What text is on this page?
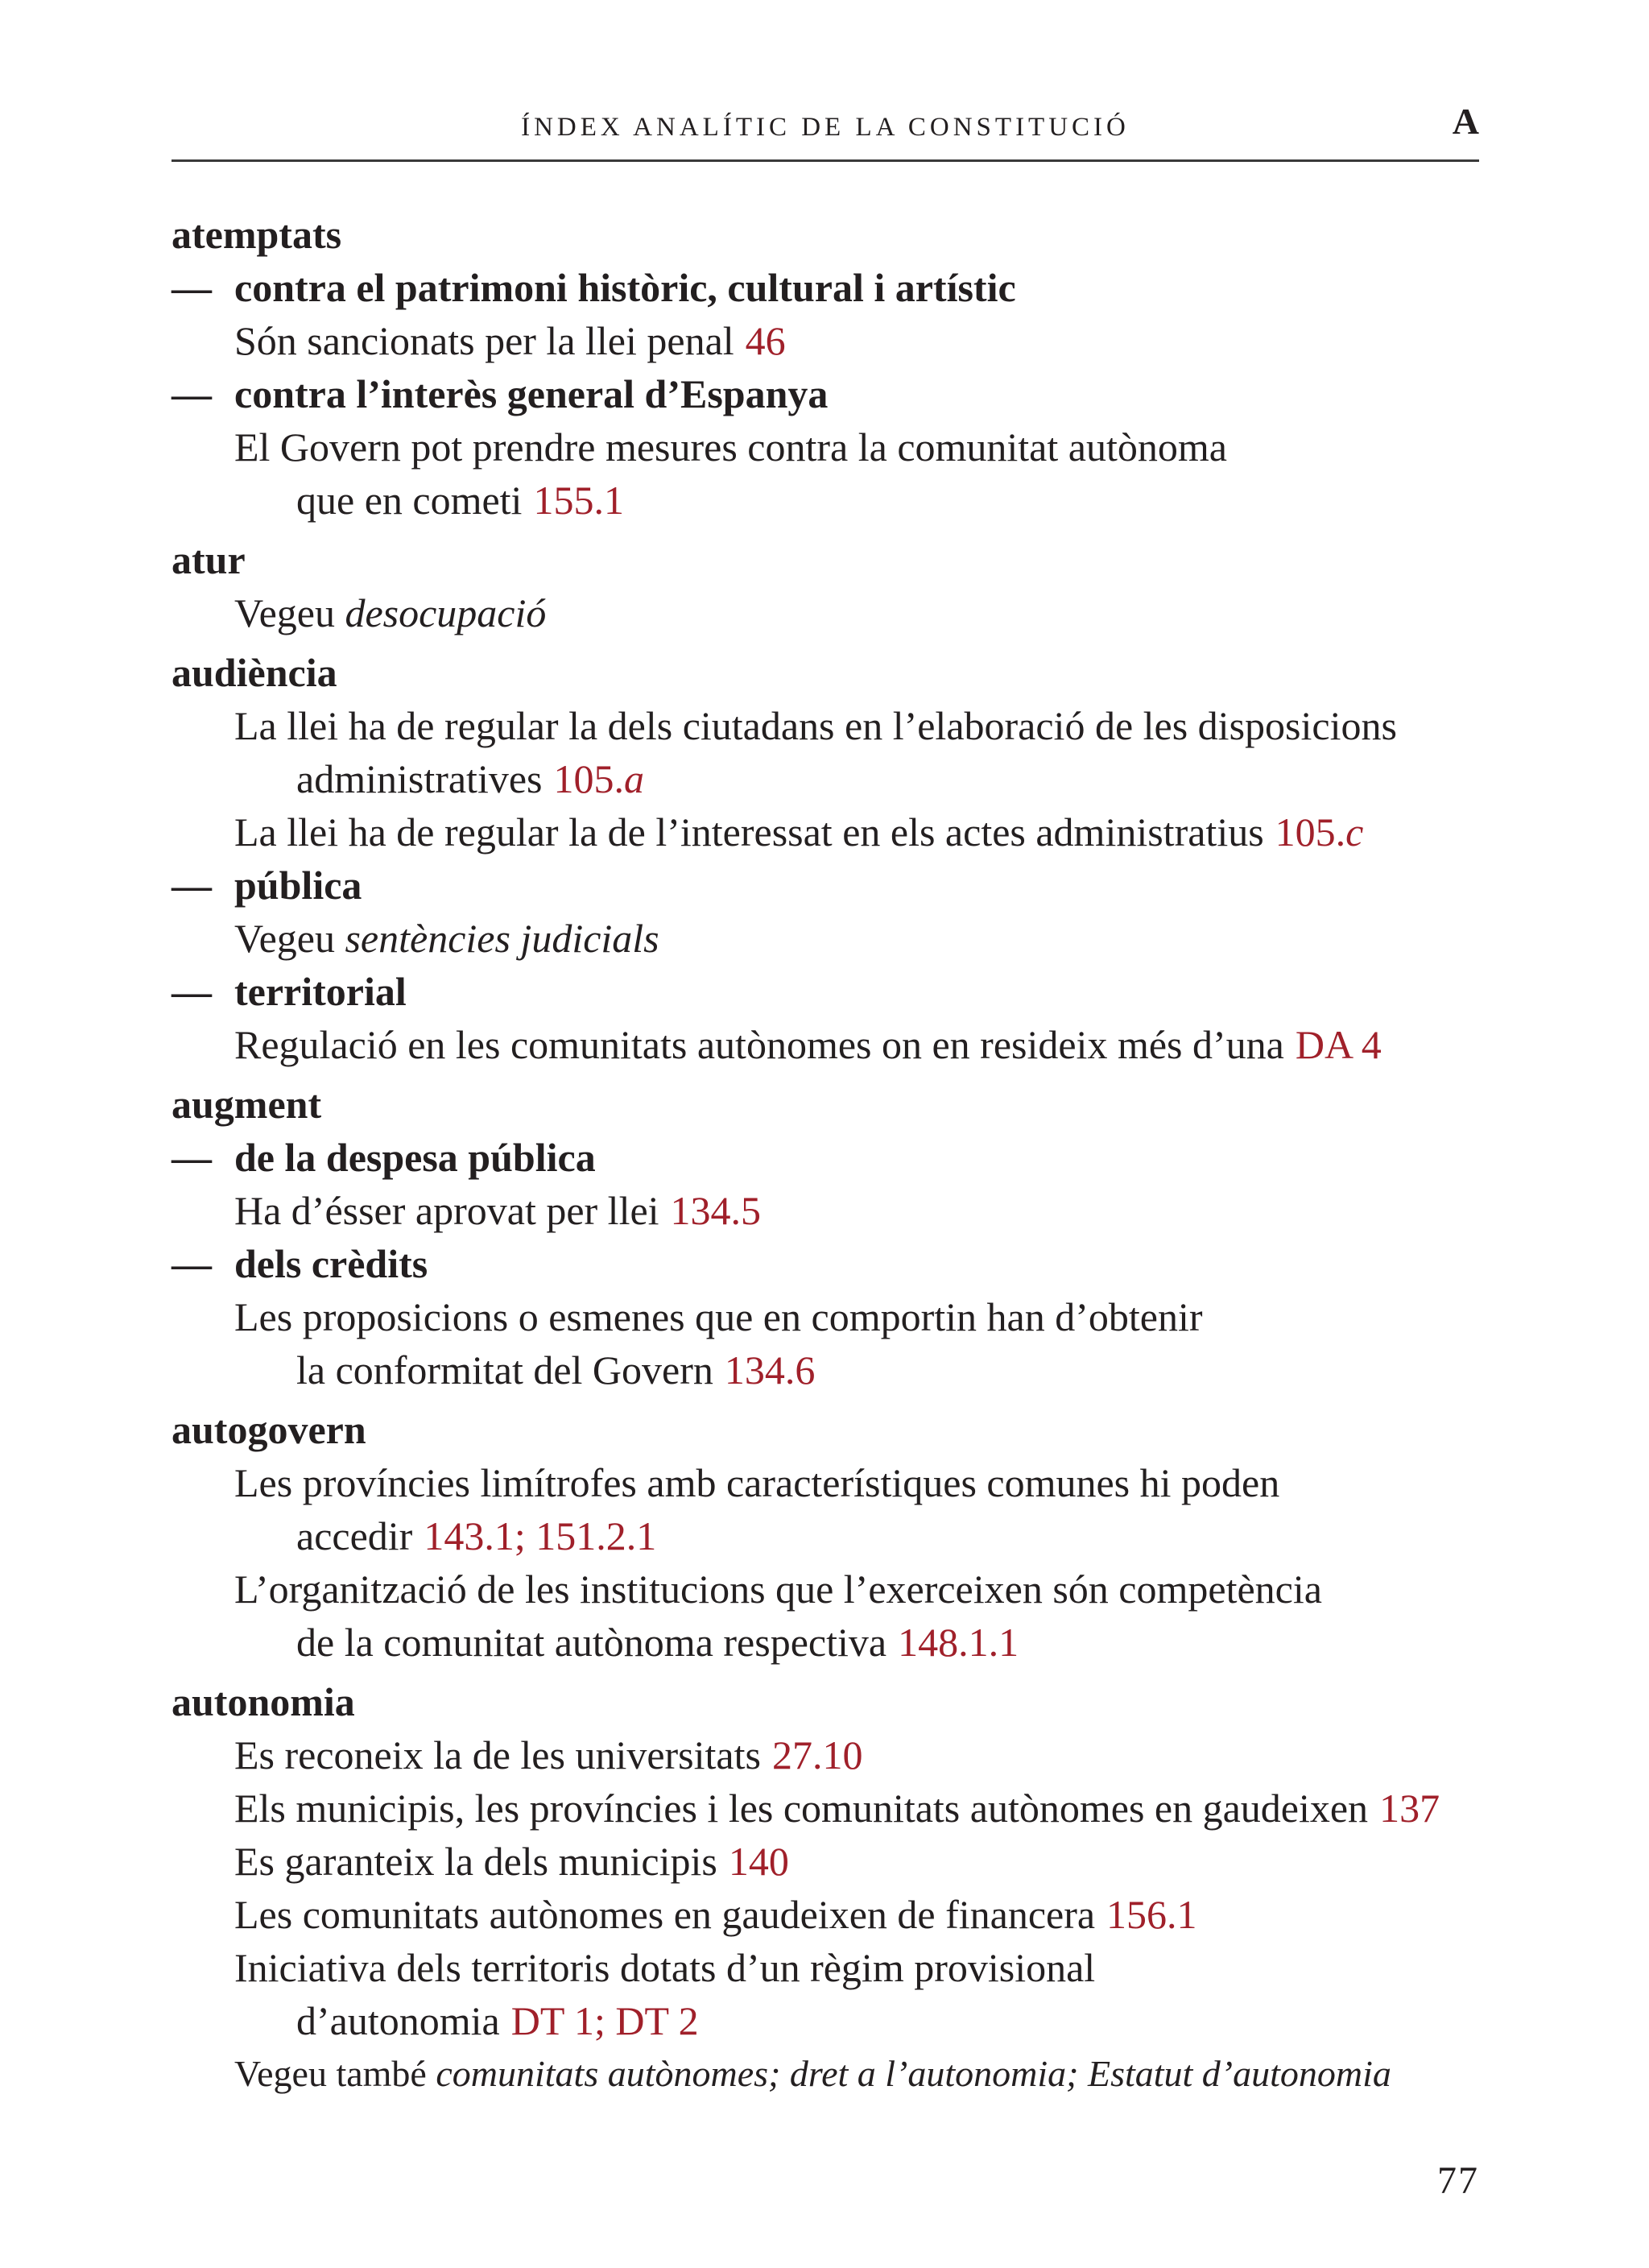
ÍNDEX ANALÍTIC DE LA CONSTITUCIÓ	A
atemptats
— contra el patrimoni històric, cultural i artístic
Són sancionats per la llei penal 46
— contra l’interès general d’Espanya
El Govern pot prendre mesures contra la comunitat autònoma
que en cometi 155.1
atur
Vegeu desocupació
audiència
La llei ha de regular la dels ciutadans en l’elaboració de les disposicions
administratives 105.a
La llei ha de regular la de l’interessat en els actes administratius 105.c
— pública
Vegeu sentències judicials
— territorial
Regulació en les comunitats autònomes on en resideix més d’una DA 4
augment
— de la despesa pública
Ha d’ésser aprovat per llei 134.5
— dels crèdits
Les proposicions o esmenes que en comportin han d’obtenir
la conformitat del Govern 134.6
autogovern
Les províncies limítrofes amb característiques comunes hi poden
accedir 143.1; 151.2.1
L’organització de les institucions que l’exerceixen són competència
de la comunitat autònoma respectiva 148.1.1
autonomia
Es reconeix la de les universitats 27.10
Els municipis, les províncies i les comunitats autònomes en gaudeixen 137
Es garanteix la dels municipis 140
Les comunitats autònomes en gaudeixen de financera 156.1
Iniciativa dels territoris dotats d’un règim provisional
d’autonomia DT 1; DT 2
Vegeu també comunitats autònomes; dret a l’autonomia; Estatut d’autonomia
77
